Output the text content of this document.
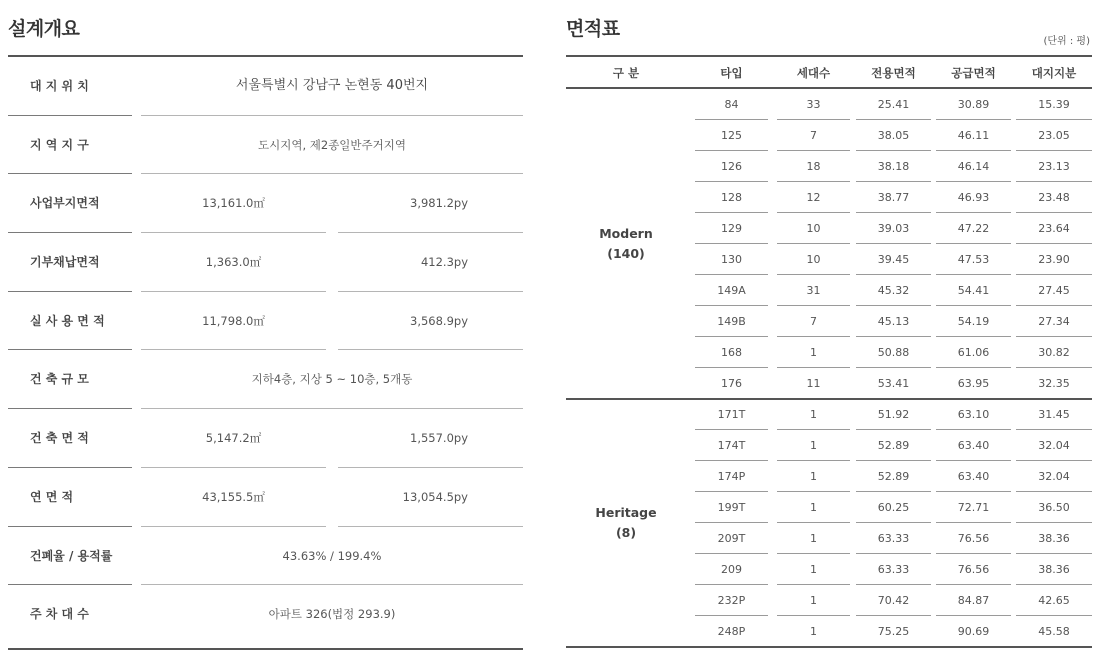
설계개요
대 지 위 치	서울특별시 강남구 논현동 40번지
지 역 지 구	도시지역, 제2종일반주거지역
사업부지면적	13,161.0㎡	3,981.2py
기부채납면적	1,363.0㎡	412.3py
실 사 용 면 적	11,798.0㎡	3,568.9py
건 축 규 모	지하4층, 지상 5 ~ 10층, 5개동
건 축 면 적	5,147.2㎡	1,557.0py
연 면 적	43,155.5㎡	13,054.5py
건폐율 / 용적률	43.63% / 199.4%
주 차 대 수	아파트 326(법정 293.9)
면적표
(단위 : 평)
구 분	타입	세대수	전용면적	공급면적	대지지분
Modern
(140)
84	33	25.41	30.89	15.39
125	7	38.05	46.11	23.05
126	18	38.18	46.14	23.13
128	12	38.77	46.93	23.48
129	10	39.03	47.22	23.64
130	10	39.45	47.53	23.90
149A	31	45.32	54.41	27.45
149B	7	45.13	54.19	27.34
168	1	50.88	61.06	30.82
176	11	53.41	63.95	32.35
Heritage
(8)
171T	1	51.92	63.10	31.45
174T	1	52.89	63.40	32.04
174P	1	52.89	63.40	32.04
199T	1	60.25	72.71	36.50
209T	1	63.33	76.56	38.36
209	1	63.33	76.56	38.36
232P	1	70.42	84.87	42.65
248P	1	75.25	90.69	45.58
